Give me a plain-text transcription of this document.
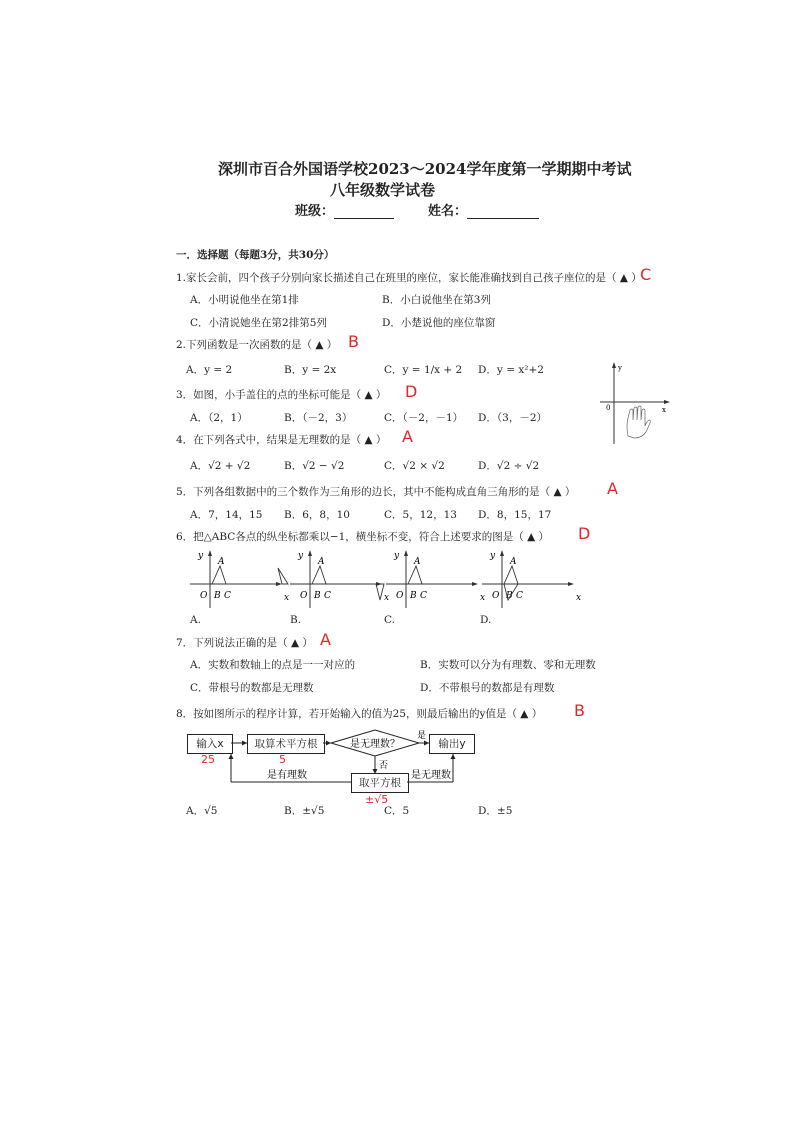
深圳市百合外国语学校2023～2024学年度第一学期期中考试
八年级数学试卷
班级：	姓名：
一．选择题（每题3分，共30分）
1.家长会前，四个孩子分别向家长描述自己在班里的座位，家长能准确找到自己孩子座位的是（ ▲ ）
C
A．小明说他坐在第1排	B．小白说他坐在第3列
C．小清说她坐在第2排第5列	D．小楚说他的座位靠窗
2.下列函数是一次函数的是（ ▲ ） B
A．y = 2	B．y = 2x	C．y = 1/x + 2 D．y = x²+2
3．如图，小手盖住的点的坐标可能是（ ▲ ） D
A．（2，1）	B．（－2，3）	C．（－2，－1） D．（3，－2）
y
x
0
4．在下列各式中，结果是无理数的是（ ▲ ） A
A．√2 + √2	B．√2 − √2	C．√2 × √2	D．√2 ÷ √2
5．下列各组数据中的三个数作为三角形的边长，其中不能构成直角三角形的是（ ▲ ） A
A．7，14，15 B．6，8，10	C．5，12，13 D．8，15，17
6．把△ABC各点的纵坐标都乘以−1，横坐标不变，符合上述要求的图是（ ▲ ） D
y
x
O
A
B C
y
x
O
A
B C
y
x
O
A
B C
y
x
O
A
B C
A.	B.	C.	D.
7．下列说法正确的是（ ▲ ） A
A．实数和数轴上的点是一一对应的	B．实数可以分为有理数、零和无理数
C．带根号的数都是无理数	D．不带根号的数都是有理数
8．按如图所示的程序计算，若开始输入的值为25，则最后输出的y值是（ ▲ ） B
是无理数？
是
否
是有理数	是无理数
输入x	取算术平方根	输出y
取平方根
25	5
±√5
A．√5	B．±√5	C．5	D．±5
